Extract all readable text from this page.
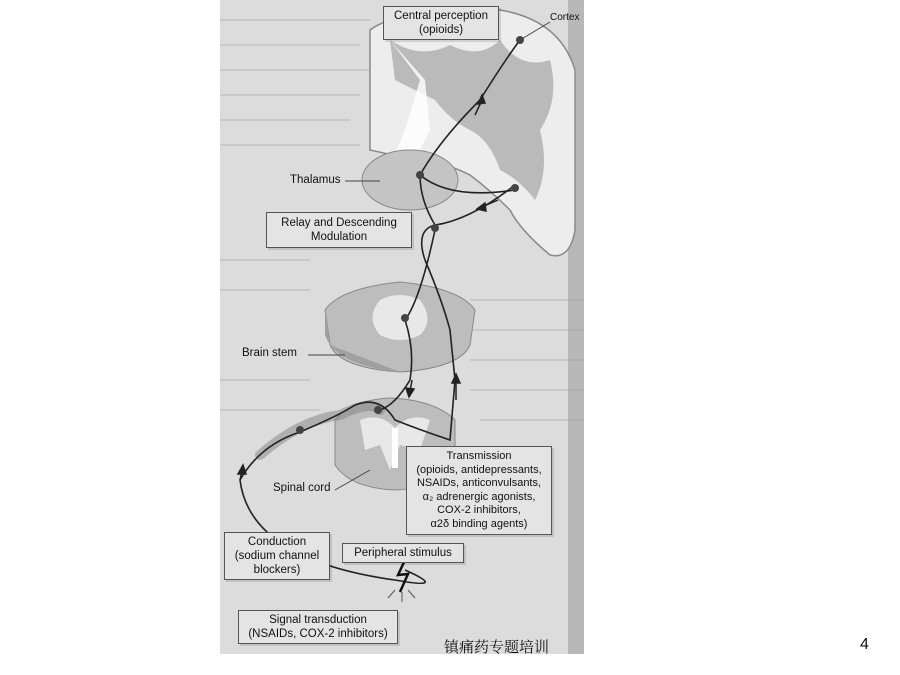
Cortex
Thalamus
Brain stem
Spinal cord
Central perception
(opioids)
Relay and Descending
Modulation
Transmission
(opioids, antidepressants,
NSAIDs, anticonvulsants,
α₂ adrenergic agonists,
COX-2 inhibitors,
α2δ binding agents)
Conduction
(sodium channel
blockers)
Peripheral stimulus
Signal transduction
(NSAIDs, COX-2 inhibitors)
镇痛药专题培训	4
